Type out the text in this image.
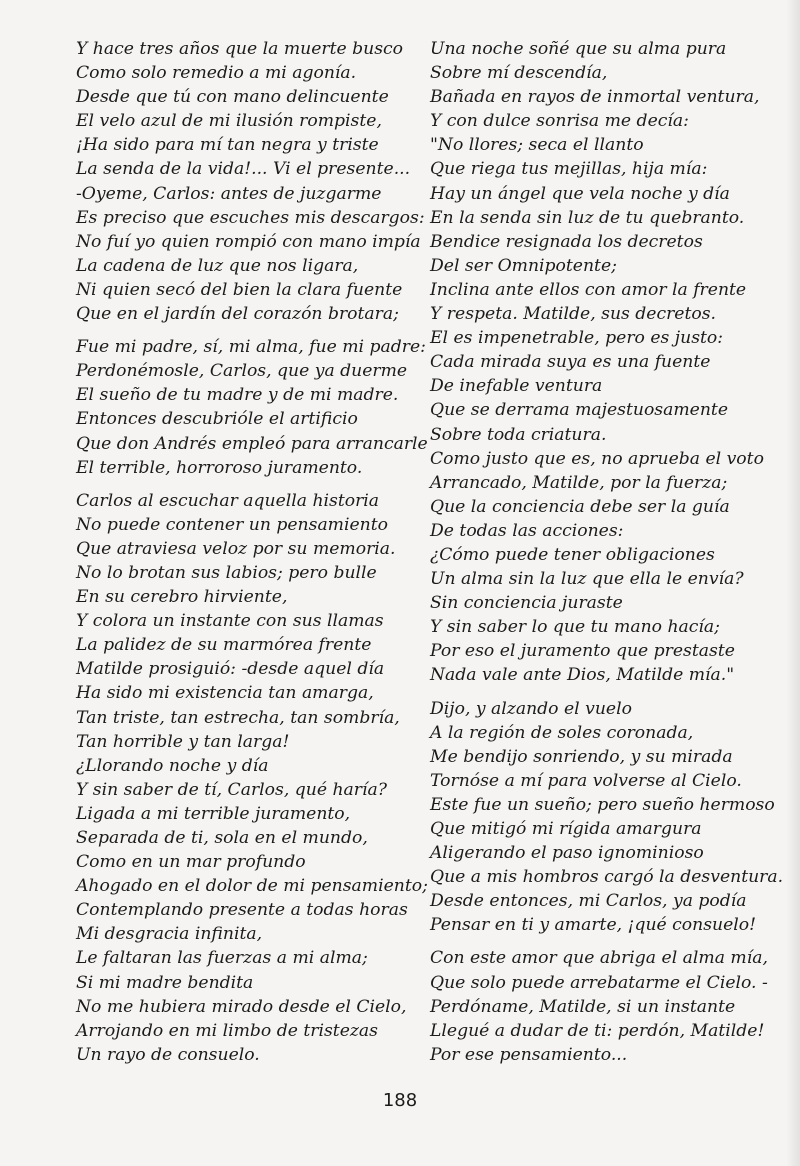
Y hace tres años que la muerte busco
Como solo remedio a mi agonía.
Desde que tú con mano delincuente
El velo azul de mi ilusión rompiste,
¡Ha sido para mí tan negra y triste
La senda de la vida!... Vi el presente...
-Oyeme, Carlos: antes de juzgarme
Es preciso que escuches mis descargos:
No fuí yo quien rompió con mano impía
La cadena de luz que nos ligara,
Ni quien secó del bien la clara fuente
Que en el jardín del corazón brotara;
Fue mi padre, sí, mi alma, fue mi padre:
Perdonémosle, Carlos, que ya duerme
El sueño de tu madre y de mi madre.
Entonces descubrióle el artificio
Que don Andrés empleó para arrancarle
El terrible, horroroso juramento.
Carlos al escuchar aquella historia
No puede contener un pensamiento
Que atraviesa veloz por su memoria.
No lo brotan sus labios; pero bulle
En su cerebro hirviente,
Y colora un instante con sus llamas
La palidez de su marmórea frente
Matilde prosiguió: -desde aquel día
Ha sido mi existencia tan amarga,
Tan triste, tan estrecha, tan sombría,
Tan horrible y tan larga!
¿Llorando noche y día
Y sin saber de tí, Carlos, qué haría?
Ligada a mi terrible juramento,
Separada de ti, sola en el mundo,
Como en un mar profundo
Ahogado en el dolor de mi pensamiento;
Contemplando presente a todas horas
Mi desgracia infinita,
Le faltaran las fuerzas a mi alma;
Si mi madre bendita
No me hubiera mirado desde el Cielo,
Arrojando en mi limbo de tristezas
Un rayo de consuelo.
Una noche soñé que su alma pura
Sobre mí descendía,
Bañada en rayos de inmortal ventura,
Y con dulce sonrisa me decía:
"No llores; seca el llanto
Que riega tus mejillas, hija mía:
Hay un ángel que vela noche y día
En la senda sin luz de tu quebranto.
Bendice resignada los decretos
Del ser Omnipotente;
Inclina ante ellos con amor la frente
Y respeta. Matilde, sus decretos.
El es impenetrable, pero es justo:
Cada mirada suya es una fuente
De inefable ventura
Que se derrama majestuosamente
Sobre toda criatura.
Como justo que es, no aprueba el voto
Arrancado, Matilde, por la fuerza;
Que la conciencia debe ser la guía
De todas las acciones:
¿Cómo puede tener obligaciones
Un alma sin la luz que ella le envía?
Sin conciencia juraste
Y sin saber lo que tu mano hacía;
Por eso el juramento que prestaste
Nada vale ante Dios, Matilde mía."
Dijo, y alzando el vuelo
A la región de soles coronada,
Me bendijo sonriendo, y su mirada
Tornóse a mí para volverse al Cielo.
Este fue un sueño; pero sueño hermoso
Que mitigó mi rígida amargura
Aligerando el paso ignominioso
Que a mis hombros cargó la desventura.
Desde entonces, mi Carlos, ya podía
Pensar en ti y amarte, ¡qué consuelo!
Con este amor que abriga el alma mía,
Que solo puede arrebatarme el Cielo. -
Perdóname, Matilde, si un instante
Llegué a dudar de ti: perdón, Matilde!
Por ese pensamiento...
188
